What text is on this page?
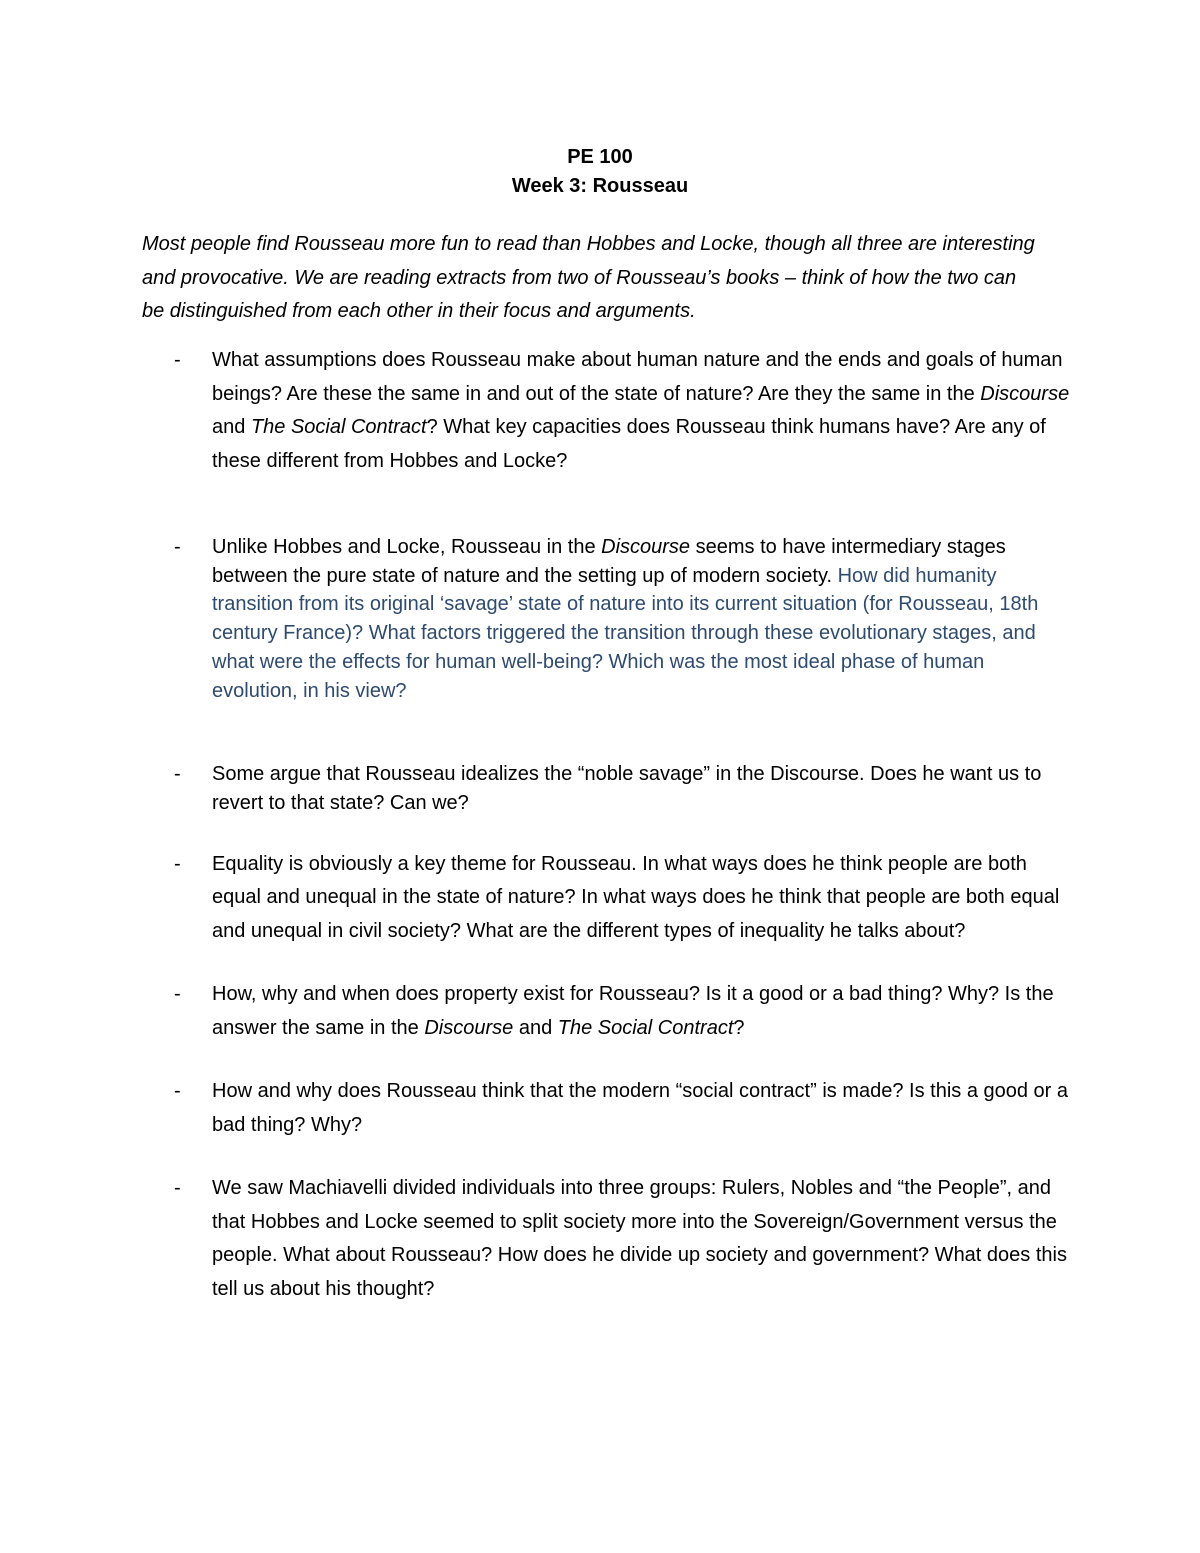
PE 100
Week 3: Rousseau
Most people find Rousseau more fun to read than Hobbes and Locke, though all three are interesting and provocative. We are reading extracts from two of Rousseau’s books – think of how the two can be distinguished from each other in their focus and arguments.
- What assumptions does Rousseau make about human nature and the ends and goals of human beings? Are these the same in and out of the state of nature? Are they the same in the Discourse and The Social Contract? What key capacities does Rousseau think humans have? Are any of these different from Hobbes and Locke?
- Unlike Hobbes and Locke, Rousseau in the Discourse seems to have intermediary stages between the pure state of nature and the setting up of modern society. How did humanity transition from its original ‘savage’ state of nature into its current situation (for Rousseau, 18th century France)? What factors triggered the transition through these evolutionary stages, and what were the effects for human well-being? Which was the most ideal phase of human evolution, in his view?
- Some argue that Rousseau idealizes the “noble savage” in the Discourse. Does he want us to revert to that state? Can we?
- Equality is obviously a key theme for Rousseau. In what ways does he think people are both equal and unequal in the state of nature? In what ways does he think that people are both equal and unequal in civil society? What are the different types of inequality he talks about?
- How, why and when does property exist for Rousseau? Is it a good or a bad thing? Why? Is the answer the same in the Discourse and The Social Contract?
- How and why does Rousseau think that the modern “social contract” is made? Is this a good or a bad thing? Why?
- We saw Machiavelli divided individuals into three groups: Rulers, Nobles and “the People”, and that Hobbes and Locke seemed to split society more into the Sovereign/Government versus the people. What about Rousseau? How does he divide up society and government? What does this tell us about his thought?
